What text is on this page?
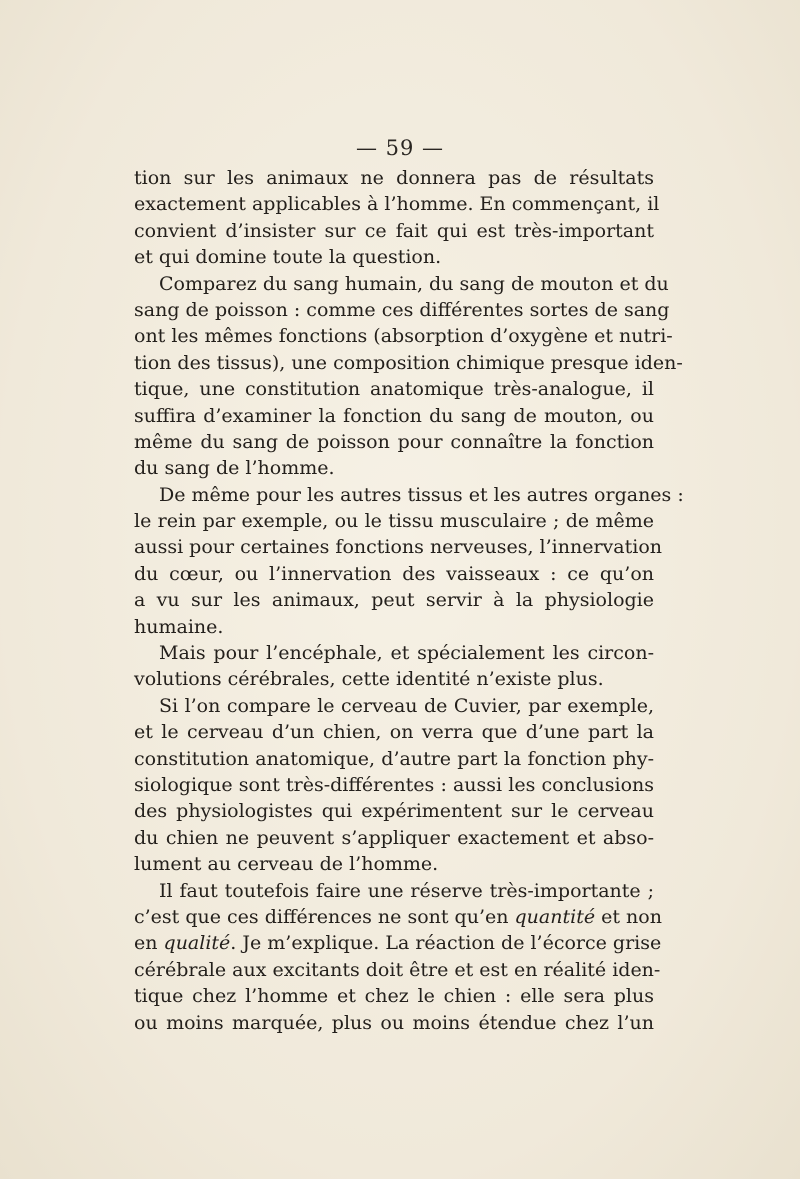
— 59 —
tion sur les animaux ne donnera pas de résultats
exactement applicables à l’homme. En commençant, il
convient d’insister sur ce fait qui est très-important
et qui domine toute la question.
Comparez du sang humain, du sang de mouton et du
sang de poisson : comme ces différentes sortes de sang
ont les mêmes fonctions (absorption d’oxygène et nutri-
tion des tissus), une composition chimique presque iden-
tique, une constitution anatomique très-analogue, il
suffira d’examiner la fonction du sang de mouton, ou
même du sang de poisson pour connaître la fonction
du sang de l’homme.
De même pour les autres tissus et les autres organes :
le rein par exemple, ou le tissu musculaire ; de même
aussi pour certaines fonctions nerveuses, l’innervation
du cœur, ou l’innervation des vaisseaux : ce qu’on
a vu sur les animaux, peut servir à la physiologie
humaine.
Mais pour l’encéphale, et spécialement les circon-
volutions cérébrales, cette identité n’existe plus.
Si l’on compare le cerveau de Cuvier, par exemple,
et le cerveau d’un chien, on verra que d’une part la
constitution anatomique, d’autre part la fonction phy-
siologique sont très-différentes : aussi les conclusions
des physiologistes qui expérimentent sur le cerveau
du chien ne peuvent s’appliquer exactement et abso-
lument au cerveau de l’homme.
Il faut toutefois faire une réserve très-importante ;
c’est que ces différences ne sont qu’en quantité et non
en qualité. Je m’explique. La réaction de l’écorce grise
cérébrale aux excitants doit être et est en réalité iden-
tique chez l’homme et chez le chien : elle sera plus
ou moins marquée, plus ou moins étendue chez l’un
